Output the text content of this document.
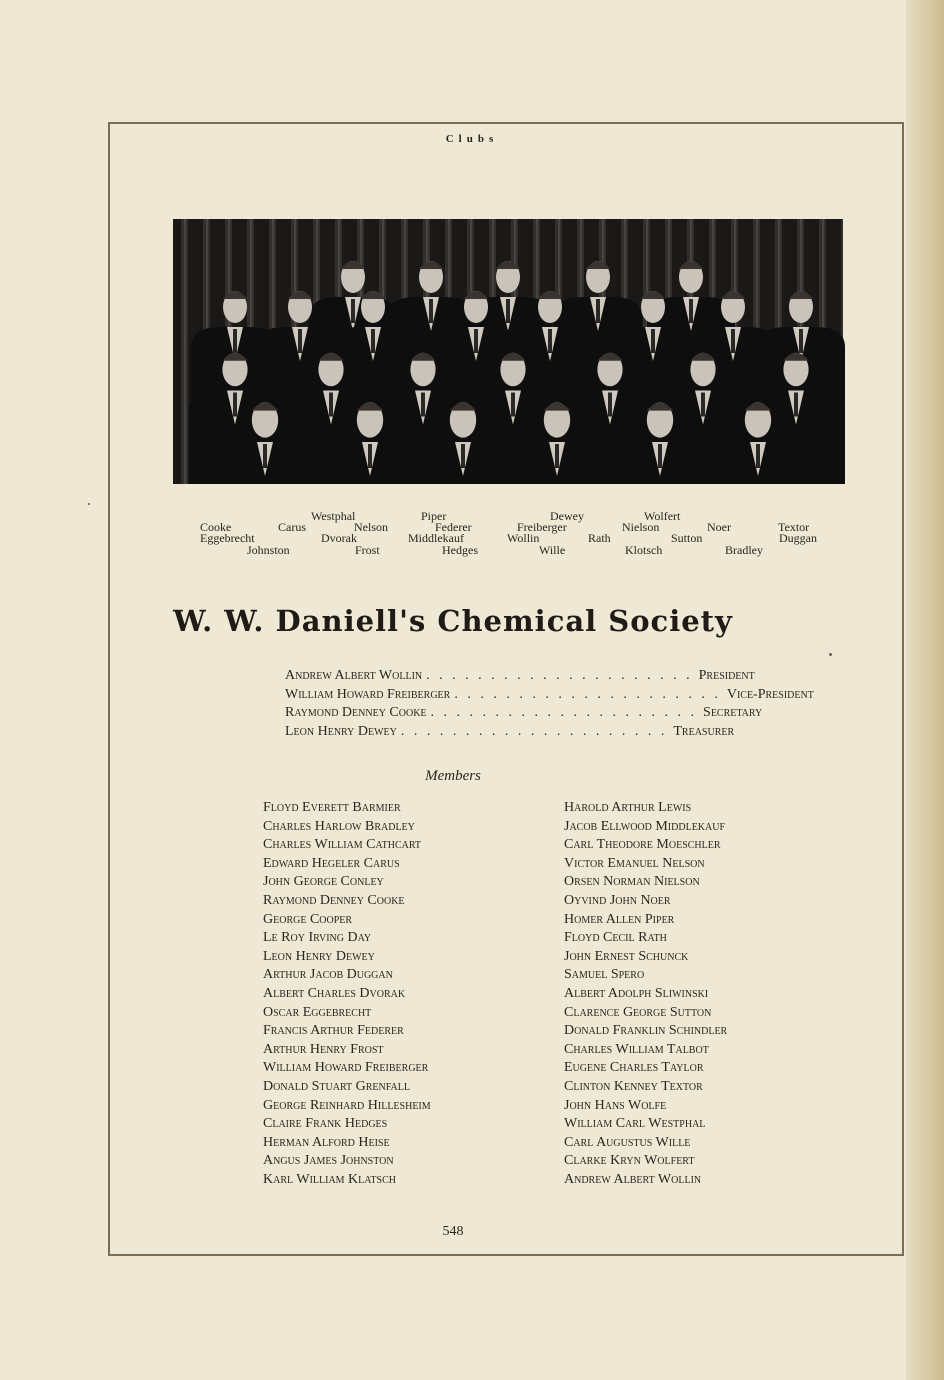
Clubs
Westphal	Piper	Dewey	Wolfert
Cooke	Carus	Nelson	Federer	Freiberger	Nielson	Noer	Textor
Eggebrecht	Dvorak	Middlekauf	Wollin	Rath	Sutton	Duggan
Johnston	Frost	Hedges	Wille	Klotsch	Bradley
W. W. Daniell's Chemical Society
Andrew Albert Wollin . . . . . . . . . . . . . . . . . . . . . President
William Howard Freiberger . . . . . . . . . . . . . . . . . . . . . Vice-President
Raymond Denney Cooke . . . . . . . . . . . . . . . . . . . . . Secretary
Leon Henry Dewey . . . . . . . . . . . . . . . . . . . . . Treasurer
Members
Floyd Everett Barmier
Charles Harlow Bradley
Charles William Cathcart
Edward Hegeler Carus
John George Conley
Raymond Denney Cooke
George Cooper
Le Roy Irving Day
Leon Henry Dewey
Arthur Jacob Duggan
Albert Charles Dvorak
Oscar Eggebrecht
Francis Arthur Federer
Arthur Henry Frost
William Howard Freiberger
Donald Stuart Grenfall
George Reinhard Hillesheim
Claire Frank Hedges
Herman Alford Heise
Angus James Johnston
Karl William Klatsch
Harold Arthur Lewis
Jacob Ellwood Middlekauf
Carl Theodore Moeschler
Victor Emanuel Nelson
Orsen Norman Nielson
Oyvind John Noer
Homer Allen Piper
Floyd Cecil Rath
John Ernest Schunck
Samuel Spero
Albert Adolph Sliwinski
Clarence George Sutton
Donald Franklin Schindler
Charles William Talbot
Eugene Charles Taylor
Clinton Kenney Textor
John Hans Wolfe
William Carl Westphal
Carl Augustus Wille
Clarke Kryn Wolfert
Andrew Albert Wollin
548
